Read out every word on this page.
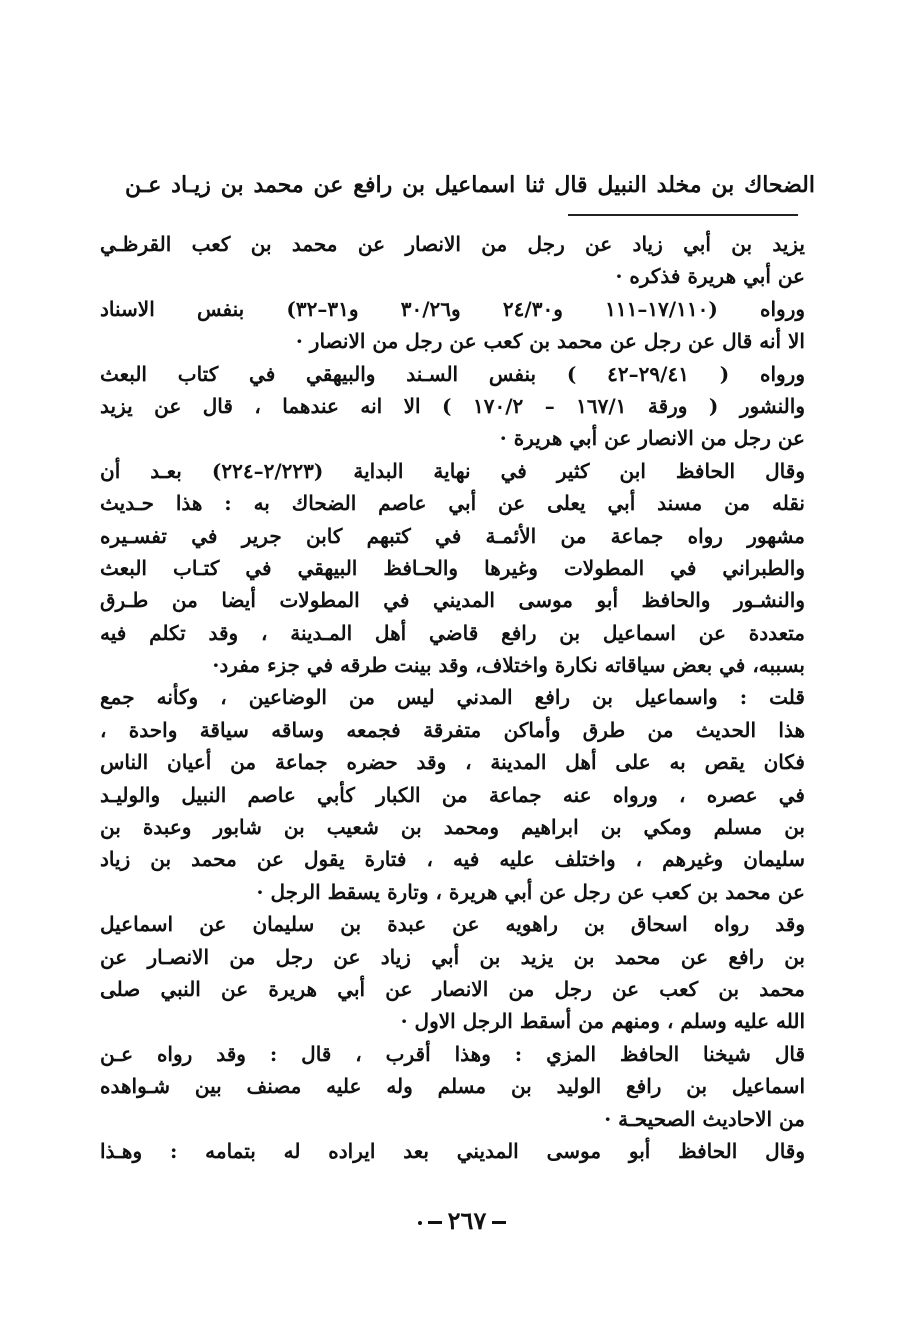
الضحاك بن مخلد النبيل قال ثنا اسماعيل بن رافع عن محمد بن زيـاد عـن
يزيد بن أبي زياد عن رجل من الانصار عن محمد بن كعب القرظـي
عن أبي هريرة فذكره ·
ورواه (١٧/١١٠–١١١ و٢٤/٣٠ و٣٠/٢٦ و٣١–٣٢) بنفس الاسناد
الا أنه قال عن رجل عن محمد بن كعب عن رجل من الانصار ·
ورواه ( ٢٩/٤١–٤٢ ) بنفس السـند والبيهقي في كتاب البعث
والنشور ( ورقة ١٦٧/١ – ١٧٠/٢ ) الا انه عندهما ، قال عن يزيد
عن رجل من الانصار عن أبي هريرة ·
وقال الحافظ ابن كثير في نهاية البداية (٢/٢٢٣–٢٢٤) بعـد أن
نقله من مسند أبي يعلى عن أبي عاصم الضحاك به : هذا حـديث
مشهور رواه جماعة من الأئمـة في كتبهم كابن جرير في تفسـيره
والطبراني في المطولات وغيرها والحـافظ البيهقي في كتـاب البعث
والنشـور والحافظ أبو موسى المديني في المطولات أيضا من طـرق
متعددة عن اسماعيل بن رافع قاضي أهل المـدينة ، وقد تكلم فيه
بسببه، في بعض سياقاته نكارة واختلاف، وقد بينت طرقه في جزء مفرد·
قلت : واسماعيل بن رافع المدني ليس من الوضاعين ، وكأنه جمع
هذا الحديث من طرق وأماكن متفرقة فجمعه وساقه سياقة واحدة ،
فكان يقص به على أهل المدينة ، وقد حضره جماعة من أعيان الناس
في عصره ، ورواه عنه جماعة من الكبار كأبي عاصم النبيل والوليـد
بن مسلم ومكي بن ابراهيم ومحمد بن شعيب بن شابور وعبدة بن
سليمان وغيرهم ، واختلف عليه فيه ، فتارة يقول عن محمد بن زياد
عن محمد بن كعب عن رجل عن أبي هريرة ، وتارة يسقط الرجل ·
وقد رواه اسحاق بن راهويه عن عبدة بن سليمان عن اسماعيل
بن رافع عن محمد بن يزيد بن أبي زياد عن رجل من الانصـار عن
محمد بن كعب عن رجل من الانصار عن أبي هريرة عن النبي صلى
الله عليه وسلم ، ومنهم من أسقط الرجل الاول ·
قال شيخنا الحافظ المزي : وهذا أقرب ، قال : وقد رواه عـن
اسماعيل بن رافع الوليد بن مسلم وله عليه مصنف بين شـواهده
من الاحاديث الصحيحـة ·
وقال الحافظ أبو موسى المديني بعد ايراده له بتمامه : وهـذا
٢٦٧
